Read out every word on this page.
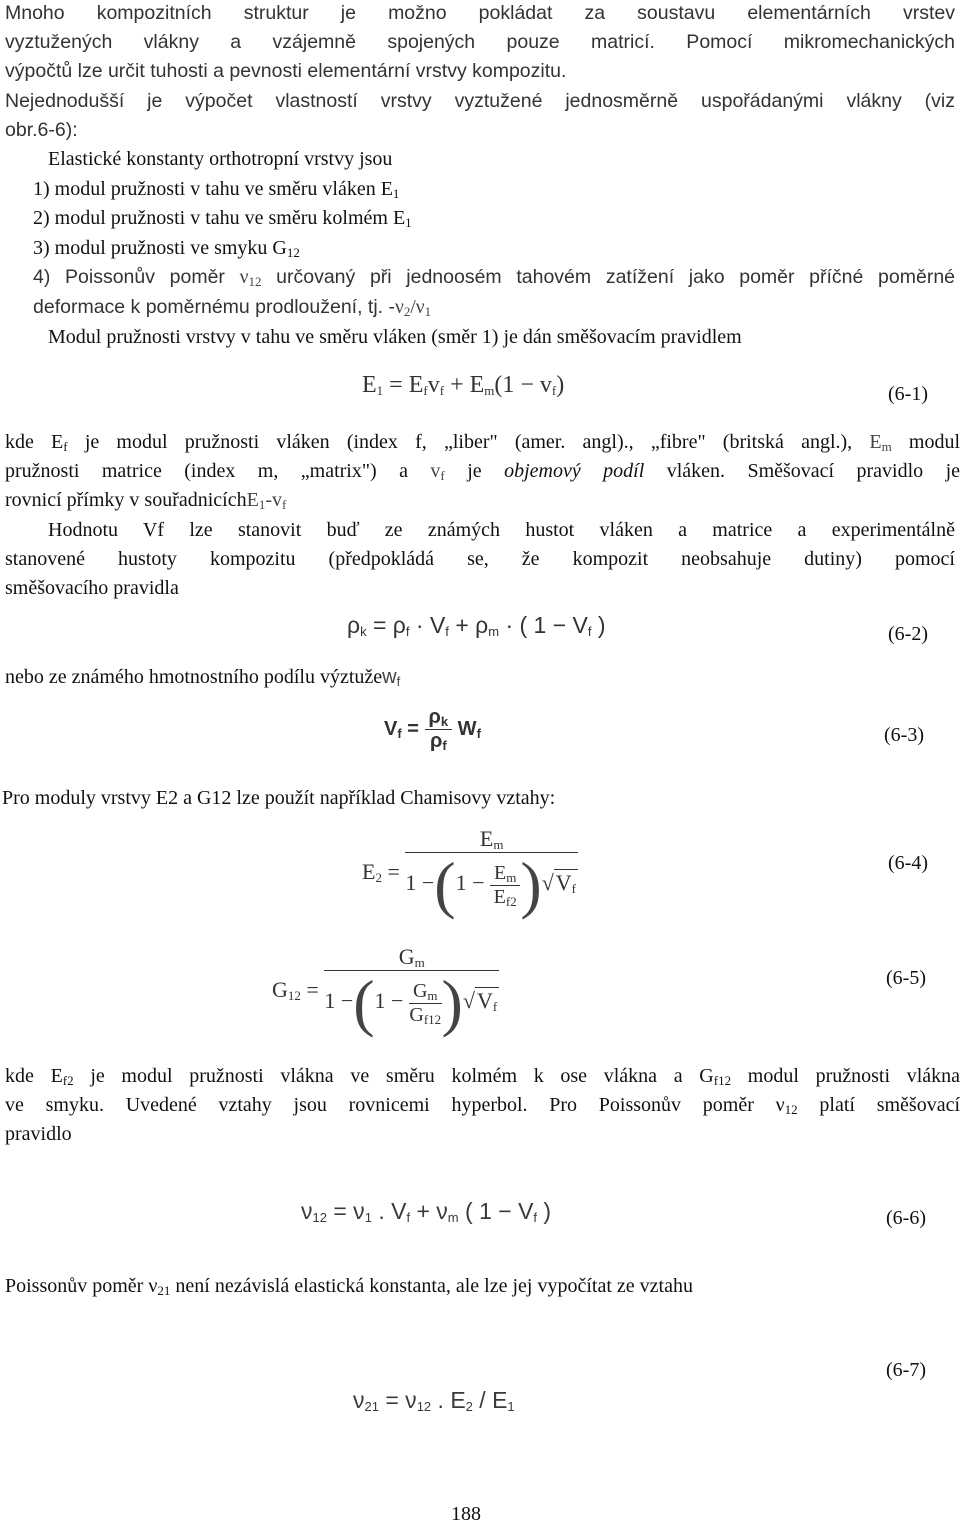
Mnoho kompozitních struktur je možno pokládat za soustavu elementárních vrstev
vyztužených vlákny a vzájemně spojených pouze matricí. Pomocí mikromechanických
výpočtů lze určit tuhosti a pevnosti elementární vrstvy kompozitu.
Nejednodušší je výpočet vlastností vrstvy vyztužené jednosměrně uspořádanými vlákny (viz
obr.6-6):
Elastické konstanty orthotropní vrstvy jsou
1) modul pružnosti v tahu ve směru vláken $E_1$
2) modul pružnosti v tahu ve směru kolmém $E_1$
3) modul pružnosti ve smyku $G_{12}$
4) Poissonův poměr $\nu_{12}$ určovaný při jednoosém tahovém zatížení jako poměr příčné poměrné
deformace k poměrnému prodloužení, tj. $-\nu_2/\nu_1$
Modul pružnosti vrstvy v tahu ve směru vláken (směr 1) je dán směšovacím pravidlem
$E_1 = E_fv_f + E_m(1 - v_f)$	(6-1)
kde $E_f$ je modul pružnosti vláken (index f, „liber" (amer. angl)., „fibre" (britská angl.), $E_m$ modul
pružnosti matrice (index m, „matrix") a $v_f$ je objemový podíl vláken. Směšovací pravidlo je
rovnicí přímky v $souřadnicíchE_1-v_f$
Hodnotu Vf lze stanovit buď ze známých hustot vláken a matrice a experimentálně
stanovené hustoty kompozitu (předpokládá se, že kompozit neobsahuje dutiny) pomocí
směšovacího pravidla
$\rho_k = \rho_f \cdot V_f + \rho_m$ · ( $1 - V_f$ )	(6-2)
nebo ze známého hmotnostního podílu výztužew$_f$
$V_f = \frac{\rho_k}{\rho_f} W_f$	(6-3)
Pro moduly vrstvy E2 a G12 lze použít například Chamisovy vztahy:
$E_2$ =
$E_m$
$1 -(1 - \frac{E_m}{E_{f2}} )√V_f$
(6-4)
$G_{12}$ =
$G_m$
$1 -(1 - \frac{G_m}{G_{f12}} )√V_f$
(6-5)
kde $E_{f2}$ je modul pružnosti vlákna ve směru kolmém k ose vlákna a $G_{f12}$ modul pružnosti vlákna
ve smyku. Uvedené vztahy jsou rovnicemi hyperbol. Pro Poissonův poměr $\nu_{12}$ platí směšovací
pravidlo
$\nu_{12} = \nu_1$ . $V_f + \nu_m$ ( $1 - V_f$ )	(6-6)
Poissonův poměr $\nu_{21}$ není nezávislá elastická konstanta, ale lze jej vypočítat ze vztahu
(6-7)
$\nu_{21} = \nu_{12}$ . $E_2 / E_1$
188
